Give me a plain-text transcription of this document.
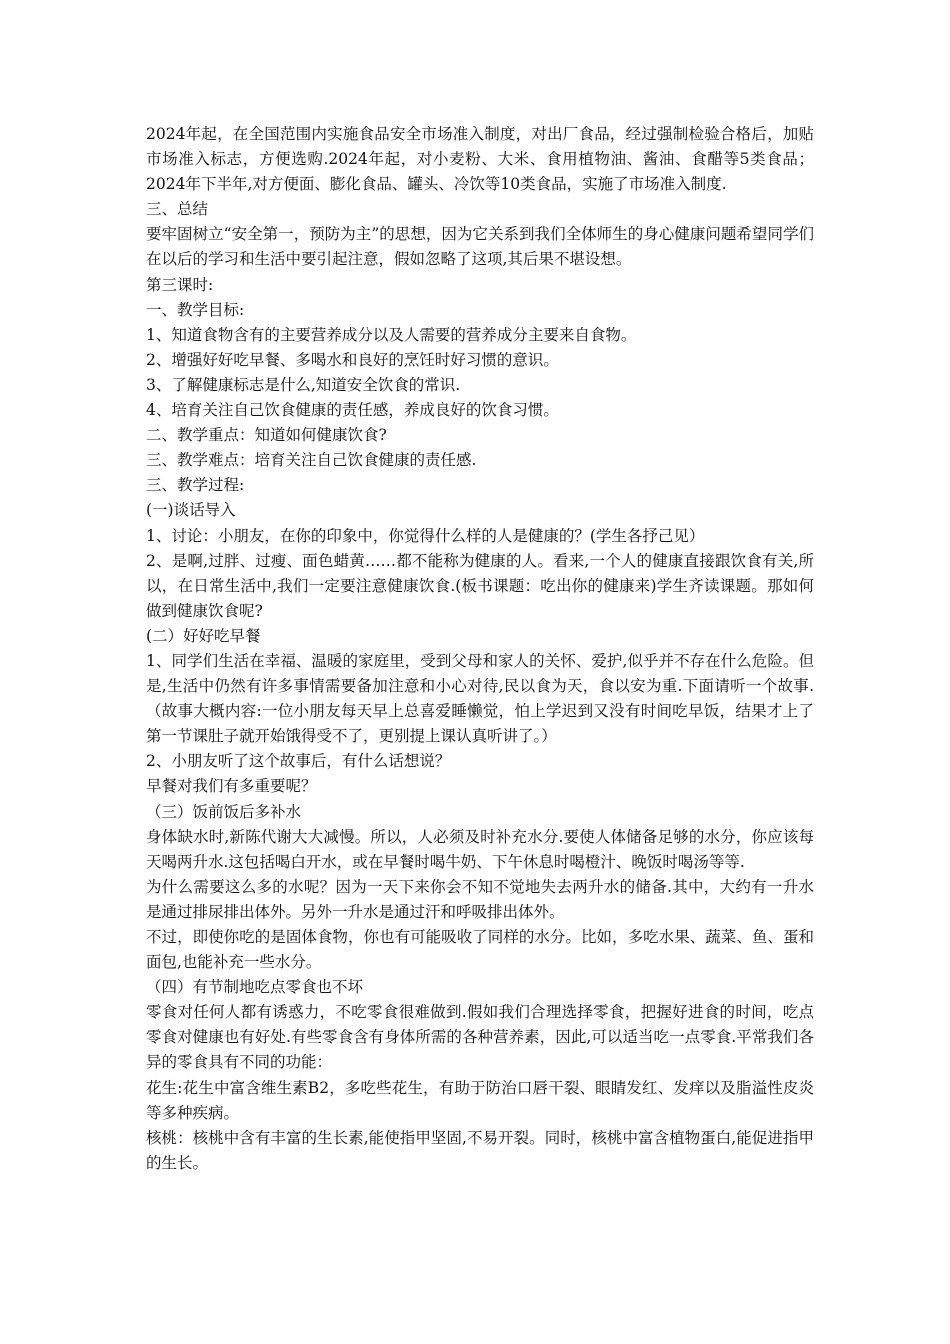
2024年起，在全国范围内实施食品安全市场准入制度，对出厂食品，经过强制检验合格后，加贴市场准入标志，方便选购.2024年起，对小麦粉、大米、食用植物油、酱油、食醋等5类食品；2024年下半年,对方便面、膨化食品、罐头、冷饮等10类食品，实施了市场准入制度.

三、总结

要牢固树立“安全第一，预防为主”的思想，因为它关系到我们全体师生的身心健康问题希望同学们在以后的学习和生活中要引起注意，假如忽略了这项,其后果不堪设想。

第三课时:

一、教学目标:

1、知道食物含有的主要营养成分以及人需要的营养成分主要来自食物。

2、增强好好吃早餐、多喝水和良好的烹饪时好习惯的意识。

3、了解健康标志是什么,知道安全饮食的常识.

4、培育关注自己饮食健康的责任感，养成良好的饮食习惯。

二、教学重点：知道如何健康饮食?

三、教学难点：培育关注自己饮食健康的责任感.

三、教学过程:

(一)谈话导入

1、讨论：小朋友，在你的印象中，你觉得什么样的人是健康的？(学生各抒己见）

2、是啊,过胖、过瘦、面色蜡黄……都不能称为健康的人。看来,一个人的健康直接跟饮食有关,所以，在日常生活中,我们一定要注意健康饮食.(板书课题：吃出你的健康来)学生齐读课题。那如何做到健康饮食呢?

(二）好好吃早餐

1、同学们生活在幸福、温暖的家庭里，受到父母和家人的关怀、爱护,似乎并不存在什么危险。但是,生活中仍然有许多事情需要备加注意和小心对待,民以食为天，食以安为重.下面请听一个故事.（故事大概内容:一位小朋友每天早上总喜爱睡懒觉，怕上学迟到又没有时间吃早饭，结果才上了第一节课肚子就开始饿得受不了，更别提上课认真听讲了。）

2、小朋友听了这个故事后，有什么话想说？

早餐对我们有多重要呢？

（三）饭前饭后多补水

身体缺水时,新陈代谢大大减慢。所以，人必须及时补充水分.要使人体储备足够的水分，你应该每天喝两升水.这包括喝白开水，或在早餐时喝牛奶、下午休息时喝橙汁、晚饭时喝汤等等.

为什么需要这么多的水呢？因为一天下来你会不知不觉地失去两升水的储备.其中，大约有一升水是通过排尿排出体外。另外一升水是通过汗和呼吸排出体外。

不过，即使你吃的是固体食物，你也有可能吸收了同样的水分。比如，多吃水果、蔬菜、鱼、蛋和面包,也能补充一些水分。

（四）有节制地吃点零食也不坏

零食对任何人都有诱惑力，不吃零食很难做到.假如我们合理选择零食，把握好进食的时间，吃点零食对健康也有好处.有些零食含有身体所需的各种营养素，因此,可以适当吃一点零食.平常我们各异的零食具有不同的功能：

花生:花生中富含维生素B2，多吃些花生，有助于防治口唇干裂、眼睛发红、发痒以及脂溢性皮炎等多种疾病。

核桃：核桃中含有丰富的生长素,能使指甲坚固,不易开裂。同时，核桃中富含植物蛋白,能促进指甲的生长。
